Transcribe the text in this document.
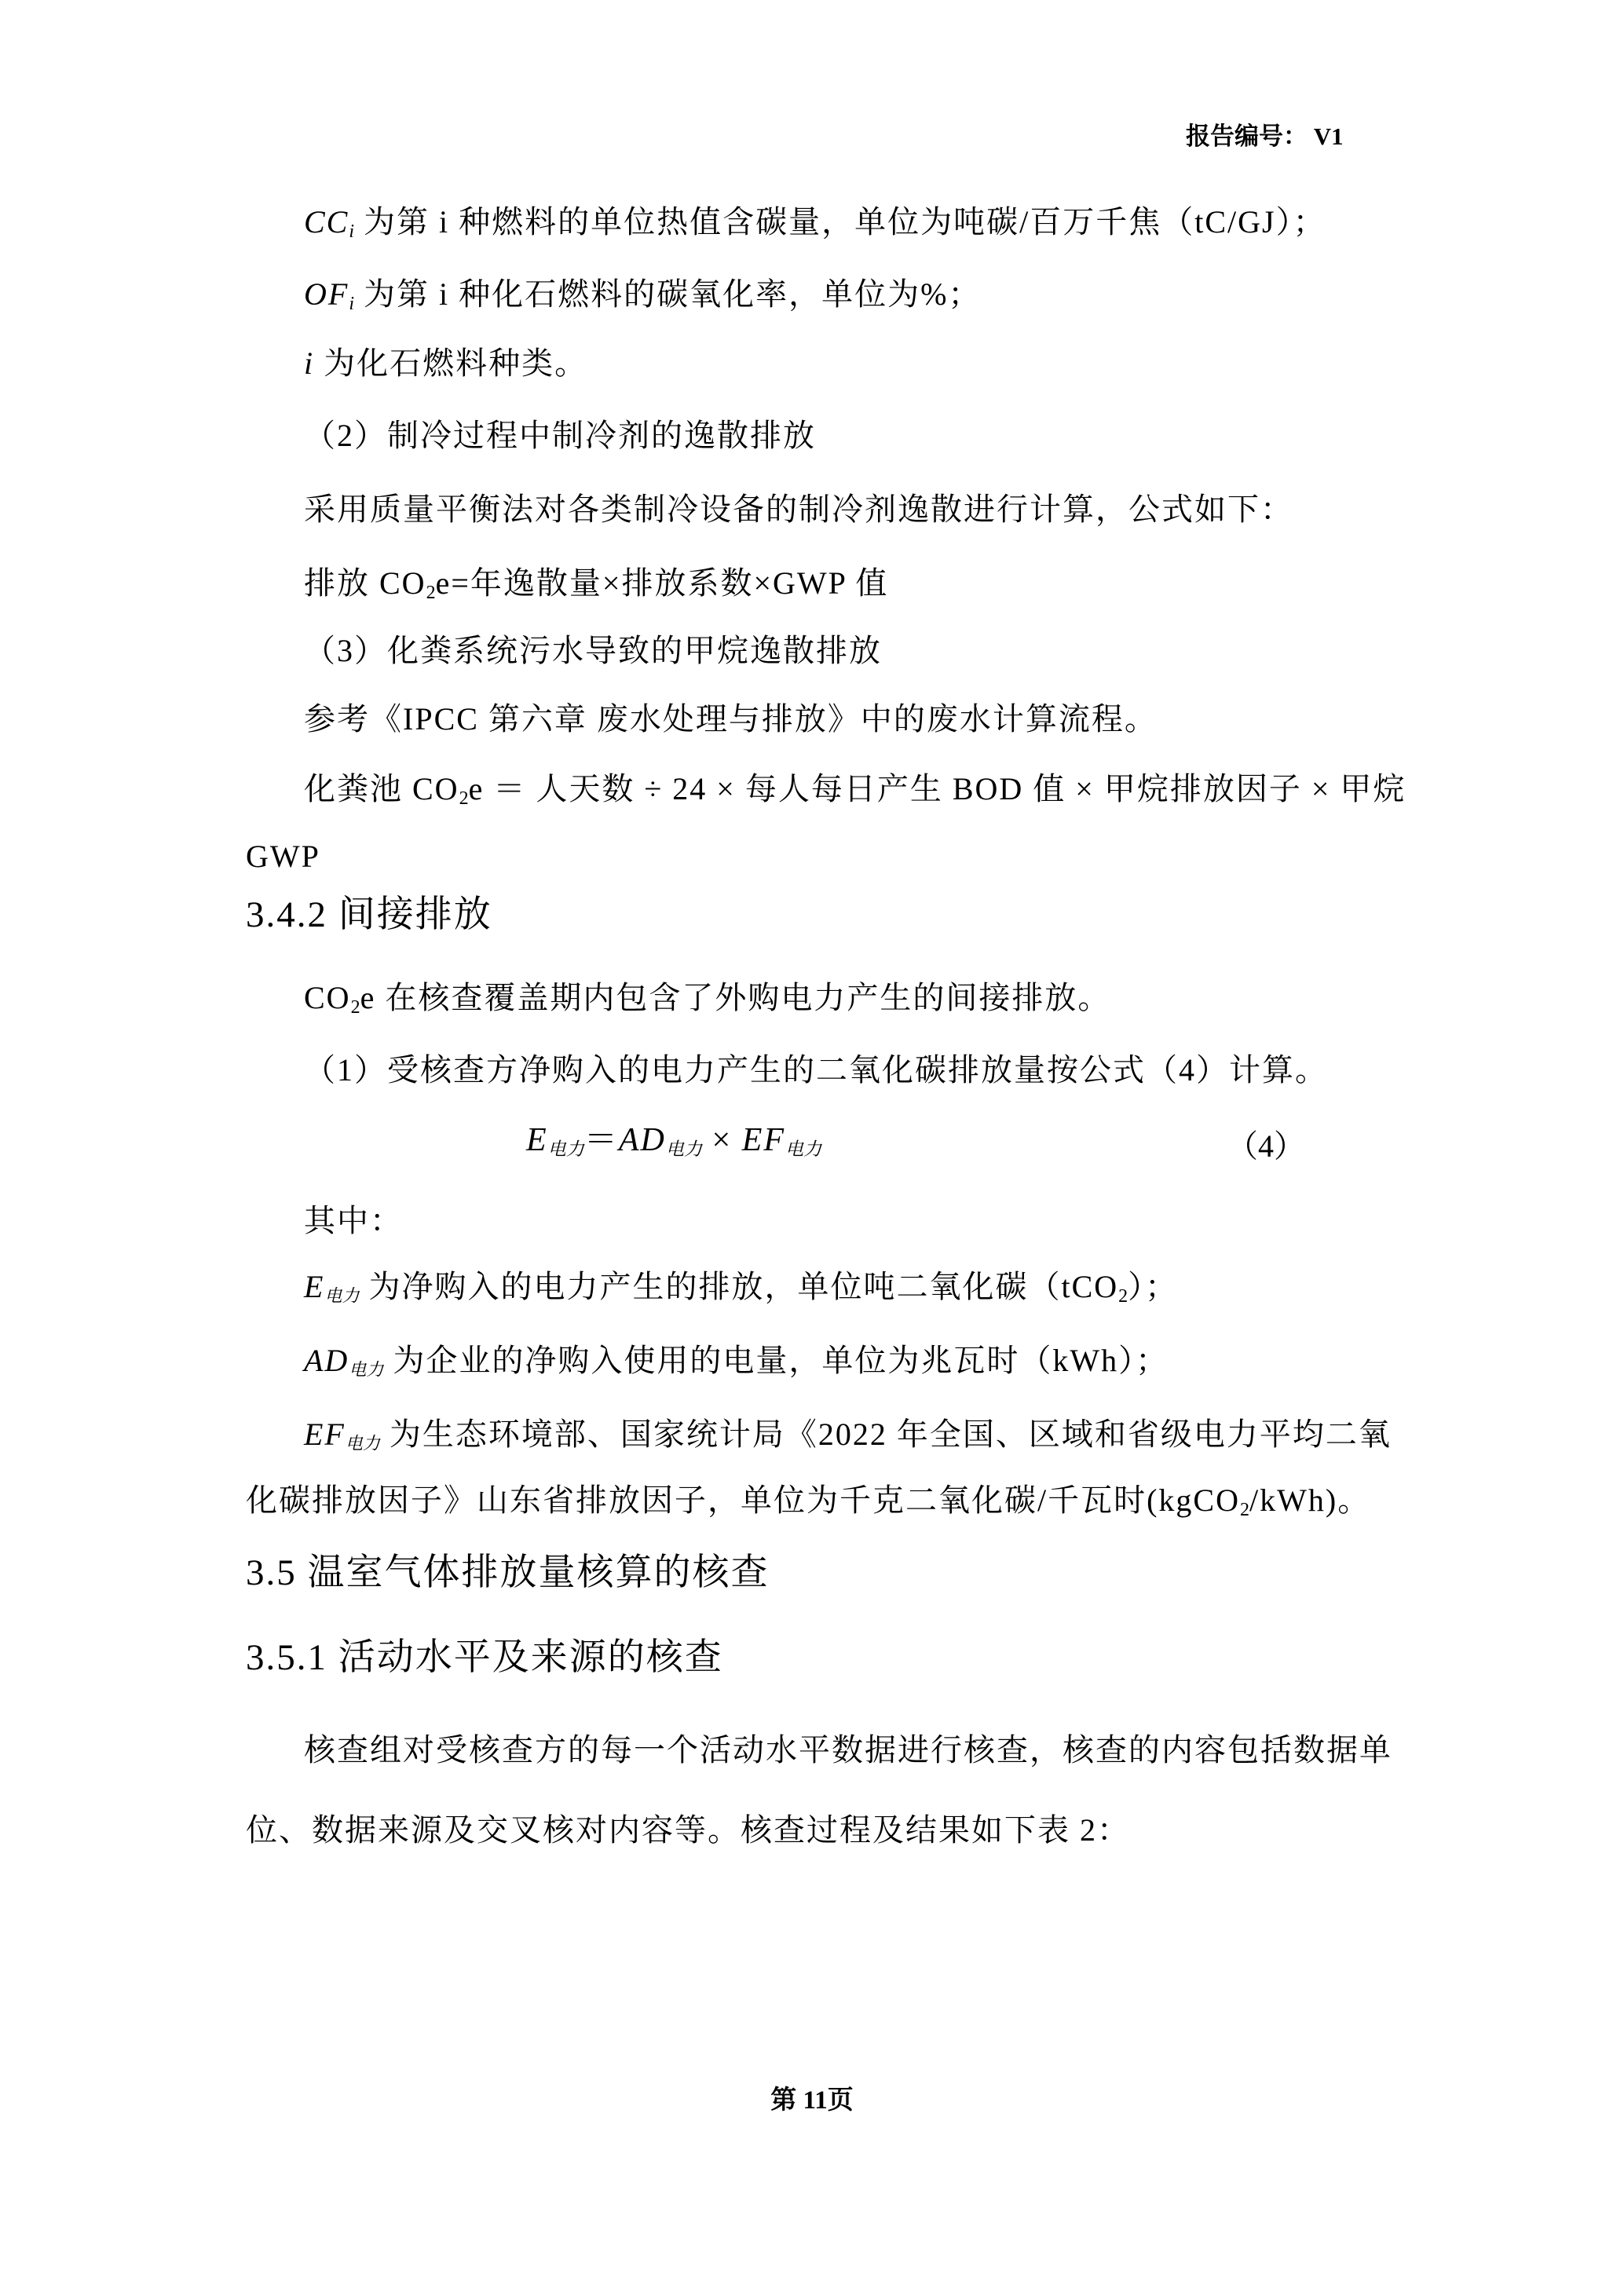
报告编号： V1
$CC_i$ 为第 i 种燃料的单位热值含碳量，单位为吨碳/百万千焦（tC/GJ）；
$OF_i$ 为第 i 种化石燃料的碳氧化率，单位为%；
i 为化石燃料种类。
（2）制冷过程中制冷剂的逸散排放
采用质量平衡法对各类制冷设备的制冷剂逸散进行计算，公式如下：
排放 $CO_2e=$年逸散量×排放系数×GWP 值
（3）化粪系统污水导致的甲烷逸散排放
参考《IPCC 第六章 废水处理与排放》中的废水计算流程。
化粪池 $CO_2e$ ＝ 人天数 ÷ 24 × 每人每日产生 BOD 值 × 甲烷排放因子 × 甲烷
GWP
3.4.2 间接排放
$CO_2e$ 在核查覆盖期内包含了外购电力产生的间接排放。
（1）受核查方净购入的电力产生的二氧化碳排放量按公式（4）计算。
$E_{电力}=AD_{电力} \times EF_{电力}$	（4）
其中：
$E_{电力}$ 为净购入的电力产生的排放，单位吨二氧化碳（tCO$_2$）；
$AD_{电力}$ 为企业的净购入使用的电量，单位为兆瓦时（kWh）；
$EF_{电力}$ 为生态环境部、国家统计局《2022 年全国、区域和省级电力平均二氧
化碳排放因子》山东省排放因子，单位为千克二氧化碳/千瓦时(kgCO$_2$/kWh)。
3.5 温室气体排放量核算的核查
3.5.1 活动水平及来源的核查
核查组对受核查方的每一个活动水平数据进行核查，核查的内容包括数据单
位、数据来源及交叉核对内容等。核查过程及结果如下表 2：
第 11页
